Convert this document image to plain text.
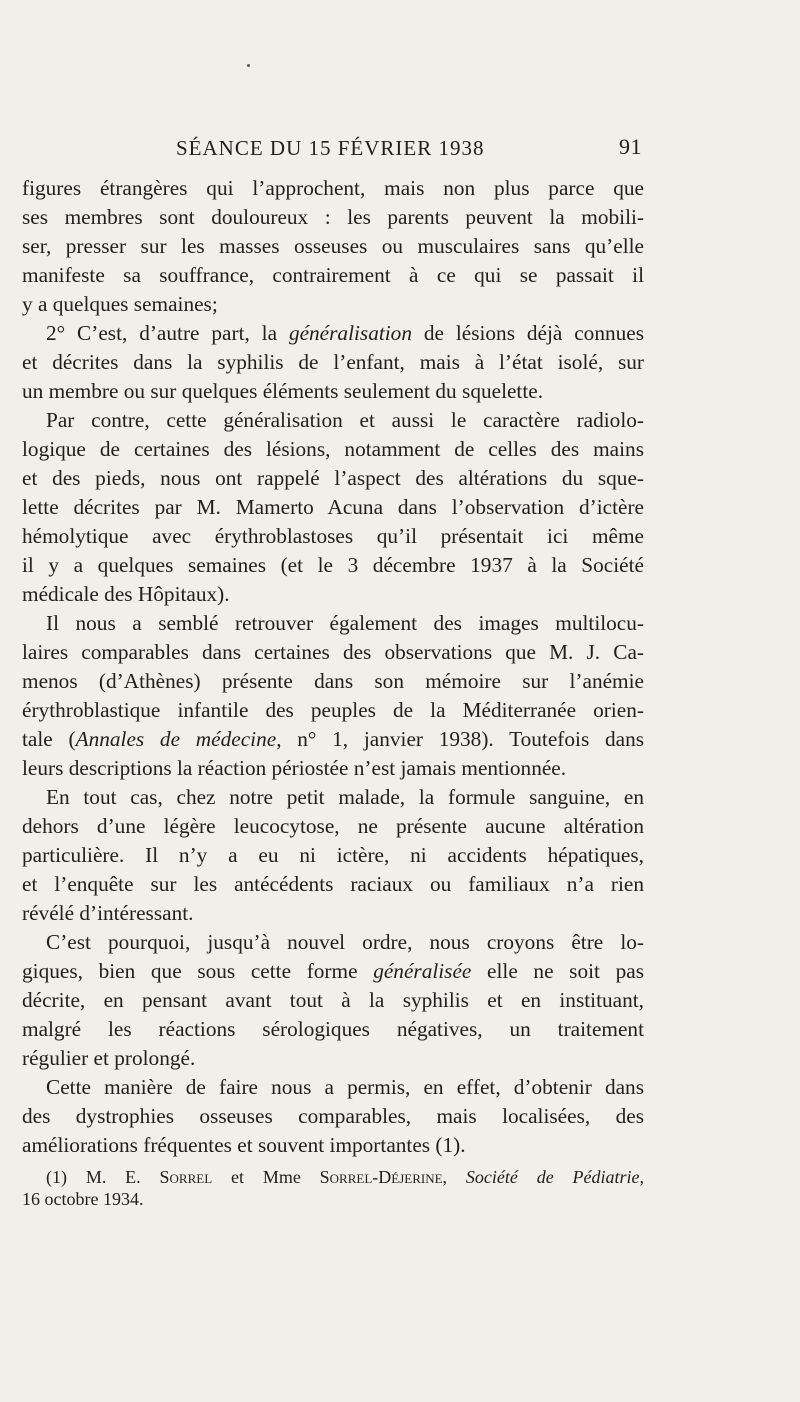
SÉANCE DU 15 FÉVRIER 1938	91
figures étrangères qui l’approchent, mais non plus parce que
ses membres sont douloureux : les parents peuvent la mobili-
ser, presser sur les masses osseuses ou musculaires sans qu’elle
manifeste sa souffrance, contrairement à ce qui se passait il
y a quelques semaines;
2° C’est, d’autre part, la généralisation de lésions déjà connues
et décrites dans la syphilis de l’enfant, mais à l’état isolé, sur
un membre ou sur quelques éléments seulement du squelette.
Par contre, cette généralisation et aussi le caractère radiolo-
logique de certaines des lésions, notamment de celles des mains
et des pieds, nous ont rappelé l’aspect des altérations du sque-
lette décrites par M. Mamerto Acuna dans l’observation d’ictère
hémolytique avec érythroblastoses qu’il présentait ici même
il y a quelques semaines (et le 3 décembre 1937 à la Société
médicale des Hôpitaux).
Il nous a semblé retrouver également des images multilocu-
laires comparables dans certaines des observations que M. J. Ca-
menos (d’Athènes) présente dans son mémoire sur l’anémie
érythroblastique infantile des peuples de la Méditerranée orien-
tale (Annales de médecine, n° 1, janvier 1938). Toutefois dans
leurs descriptions la réaction périostée n’est jamais mentionnée.
En tout cas, chez notre petit malade, la formule sanguine, en
dehors d’une légère leucocytose, ne présente aucune altération
particulière. Il n’y a eu ni ictère, ni accidents hépatiques,
et l’enquête sur les antécédents raciaux ou familiaux n’a rien
révélé d’intéressant.
C’est pourquoi, jusqu’à nouvel ordre, nous croyons être lo-
giques, bien que sous cette forme généralisée elle ne soit pas
décrite, en pensant avant tout à la syphilis et en instituant,
malgré les réactions sérologiques négatives, un traitement
régulier et prolongé.
Cette manière de faire nous a permis, en effet, d’obtenir dans
des dystrophies osseuses comparables, mais localisées, des
améliorations fréquentes et souvent importantes (1).
(1) M. E. Sorrel et Mme Sorrel-Déjerine, Société de Pédiatrie,
16 octobre 1934.
